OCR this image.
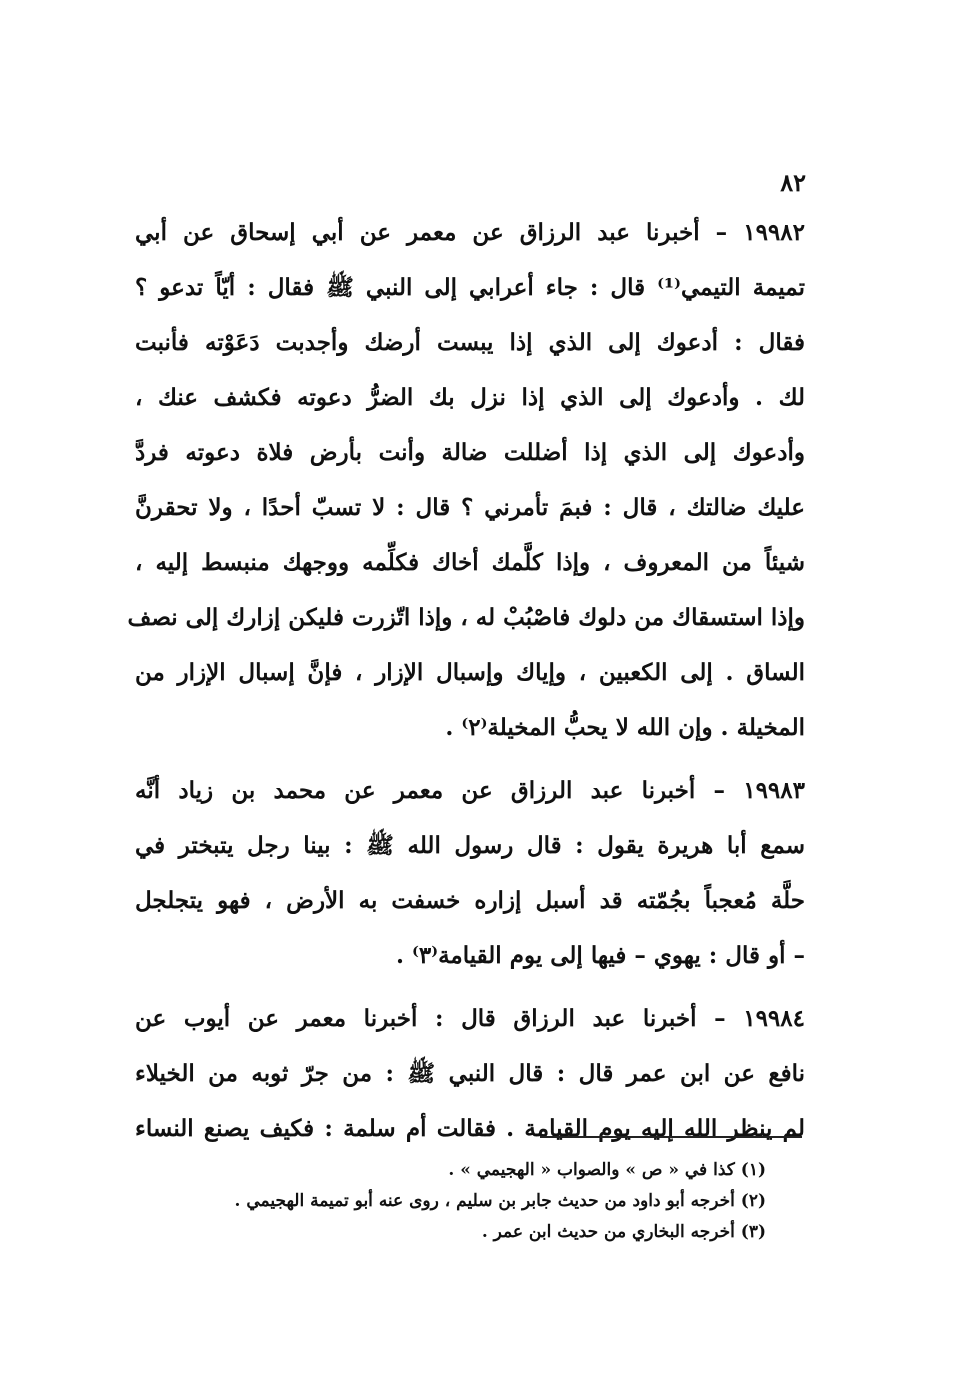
٨٢
١٩٩٨٢ – أخبرنا عبد الرزاق عن معمر عن أبي إسحاق عن أبي
تميمة التيمي⁽¹⁾ قال : جاء أعرابي إلى النبي ﷺ فقال : أيّاً تدعو ؟
فقال : أدعوك إلى الذي إذا يبست أرضك وأجدبت دَعَوْته فأنبت
لك . وأدعوك إلى الذي إذا نزل بك الضرُّ دعوته فكشف عنك ،
وأدعوك إلى الذي إذا أضللت ضالة وأنت بأرض فلاة دعوته فردَّ
عليك ضالتك ، قال : فبمَ تأمرني ؟ قال : لا تسبّ أحدًا ، ولا تحقرنَّ
شيئاً من المعروف ، وإذا كلَّمك أخاك فكلِّمه ووجهك منبسط إليه ،
وإذا استسقاك من دلوك فاصْبُبْ له ، وإذا اتّزرت فليكن إزارك إلى نصف
الساق . إلى الكعبين ، وإياك وإسبال الإزار ، فإنَّ إسبال الإزار من
المخيلة . وإن الله لا يحبُّ المخيلة⁽٢⁾ .
١٩٩٨٣ – أخبرنا عبد الرزاق عن معمر عن محمد بن زياد أنَّه
سمع أبا هريرة يقول : قال رسول الله ﷺ : بينا رجل يتبختر في
حلَّة مُعجباً بجُمّته قد أسبل إزاره خسفت به الأرض ، فهو يتجلجل
– أو قال : يهوي – فيها إلى يوم القيامة⁽٣⁾ .
١٩٩٨٤ – أخبرنا عبد الرزاق قال : أخبرنا معمر عن أيوب عن
نافع عن ابن عمر قال : قال النبي ﷺ : من جرّ ثوبه من الخيلاء
لم ينظر الله إليه يوم القيامة . فقالت أم سلمة : فكيف يصنع النساء
(١) كذا في « ص » والصواب « الهجيمي » .
(٢) أخرجه أبو داود من حديث جابر بن سليم ، روى عنه أبو تميمة الهجيمي .
(٣) أخرجه البخاري من حديث ابن عمر .
